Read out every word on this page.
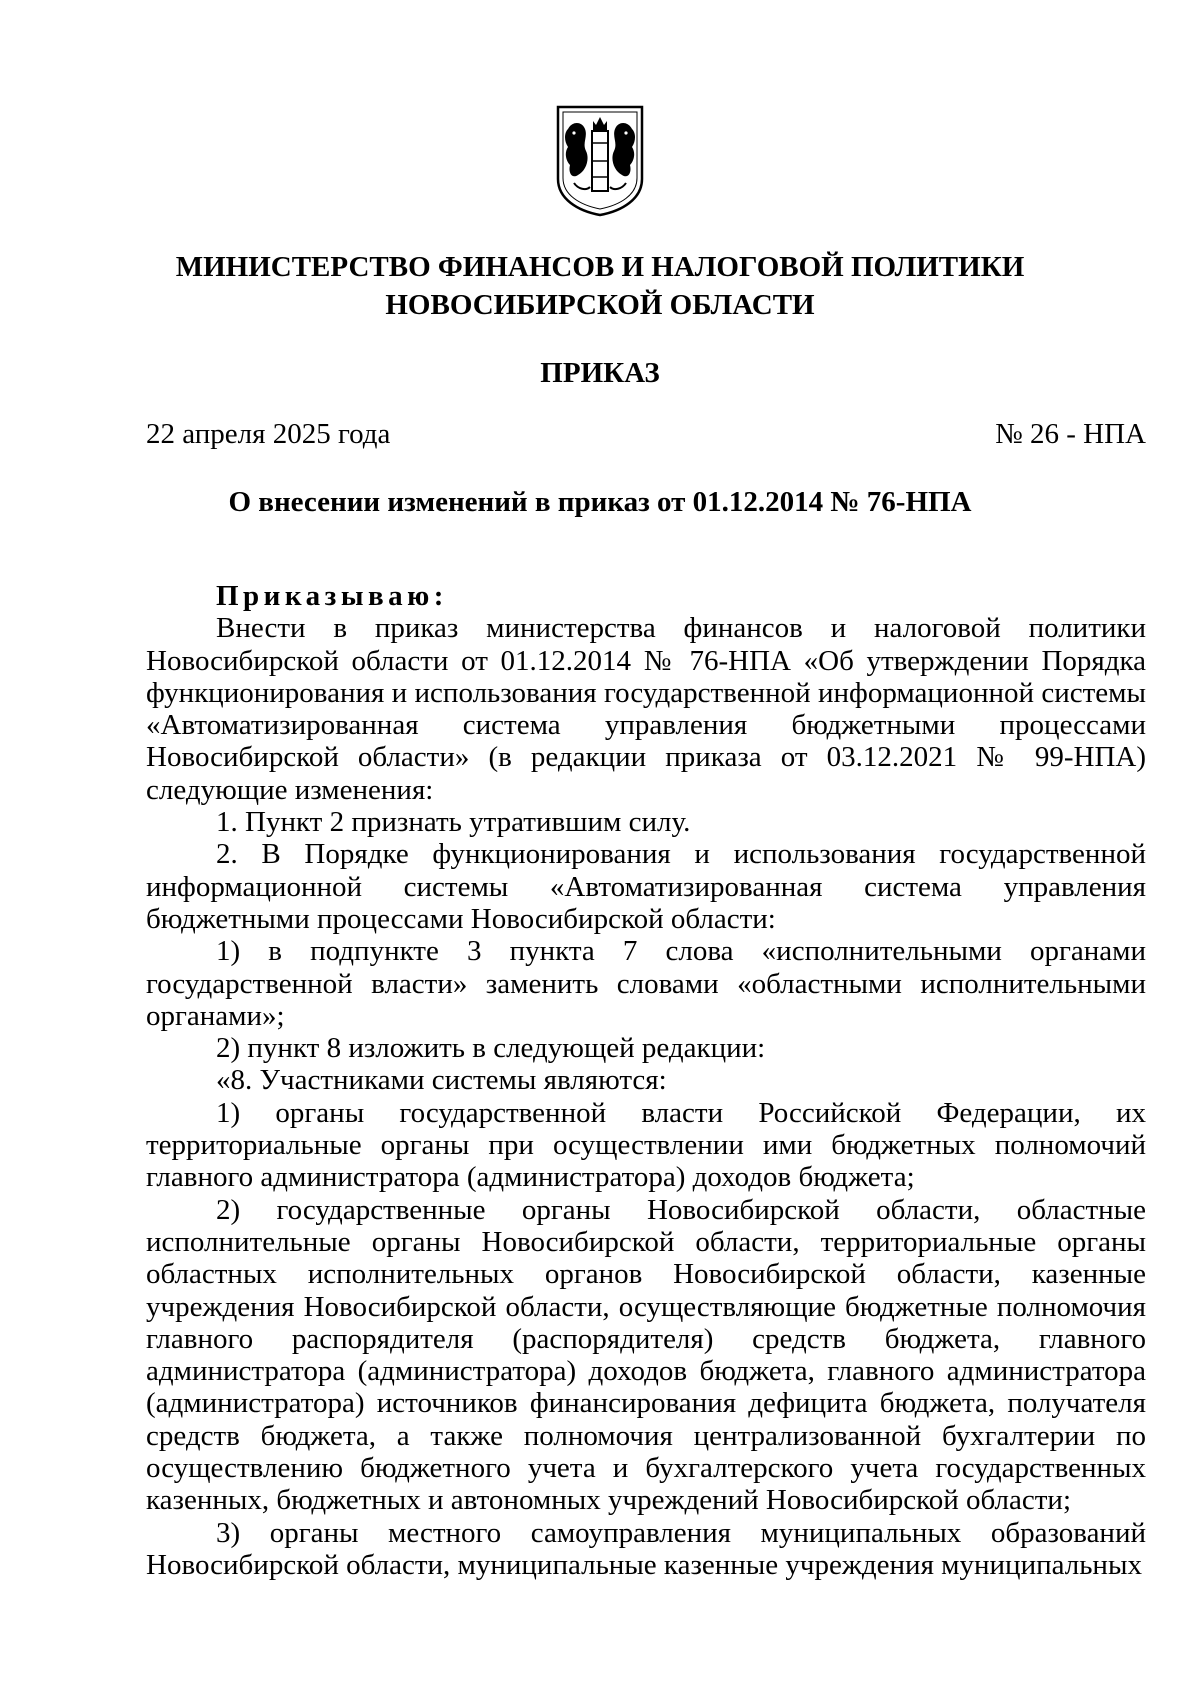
МИНИСТЕРСТВО ФИНАНСОВ И НАЛОГОВОЙ ПОЛИТИКИ
НОВОСИБИРСКОЙ ОБЛАСТИ
ПРИКАЗ
22 апреля 2025 года	№ 26 - НПА
О внесении изменений в приказ от 01.12.2014 № 76-НПА

Приказываю:

Внести в приказ министерства финансов и налоговой политики Новосибирской области от 01.12.2014 № 76-НПА «Об утверждении Порядка функционирования и использования государственной информационной системы «Автоматизированная система управления бюджетными процессами Новосибирской области» (в редакции приказа от 03.12.2021 № 99-НПА) следующие изменения:

1. Пункт 2 признать утратившим силу.

2. В Порядке функционирования и использования государственной информационной системы «Автоматизированная система управления бюджетными процессами Новосибирской области:

1) в подпункте 3 пункта 7 слова «исполнительными органами государственной власти» заменить словами «областными исполнительными органами»;

2) пункт 8 изложить в следующей редакции:

«8. Участниками системы являются:

1) органы государственной власти Российской Федерации, их территориальные органы при осуществлении ими бюджетных полномочий главного администратора (администратора) доходов бюджета;

2) государственные органы Новосибирской области, областные исполнительные органы Новосибирской области, территориальные органы областных исполнительных органов Новосибирской области, казенные учреждения Новосибирской области, осуществляющие бюджетные полномочия главного распорядителя (распорядителя) средств бюджета, главного администратора (администратора) доходов бюджета, главного администратора (администратора) источников финансирования дефицита бюджета, получателя средств бюджета, а также полномочия централизованной бухгалтерии по осуществлению бюджетного учета и бухгалтерского учета государственных казенных, бюджетных и автономных учреждений Новосибирской области;

3) органы местного самоуправления муниципальных образований Новосибирской области, муниципальные казенные учреждения муниципальных
